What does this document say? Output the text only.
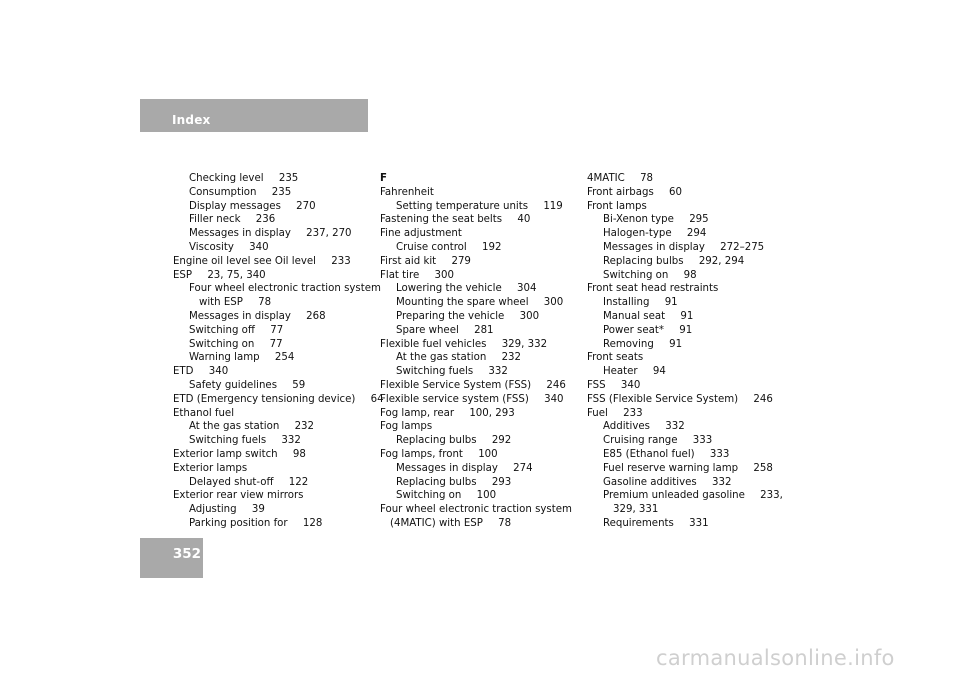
Index
Checking level  235
Consumption  235
Display messages  270
Filler neck  236
Messages in display  237, 270
Viscosity  340
Engine oil level see Oil level  233
ESP  23, 75, 340
Four wheel electronic traction system
with ESP  78
Messages in display  268
Switching off  77
Switching on  77
Warning lamp  254
ETD  340
Safety guidelines  59
ETD (Emergency tensioning device)  64
Ethanol fuel
At the gas station  232
Switching fuels  332
Exterior lamp switch  98
Exterior lamps
Delayed shut-off  122
Exterior rear view mirrors
Adjusting  39
Parking position for  128
F
Fahrenheit
Setting temperature units  119
Fastening the seat belts  40
Fine adjustment
Cruise control  192
First aid kit  279
Flat tire  300
Lowering the vehicle  304
Mounting the spare wheel  300
Preparing the vehicle  300
Spare wheel  281
Flexible fuel vehicles  329, 332
At the gas station  232
Switching fuels  332
Flexible Service System (FSS)  246
Flexible service system (FSS)  340
Fog lamp, rear  100, 293
Fog lamps
Replacing bulbs  292
Fog lamps, front  100
Messages in display  274
Replacing bulbs  293
Switching on  100
Four wheel electronic traction system
(4MATIC) with ESP  78
4MATIC  78
Front airbags  60
Front lamps
Bi-Xenon type  295
Halogen-type  294
Messages in display  272–275
Replacing bulbs  292, 294
Switching on  98
Front seat head restraints
Installing  91
Manual seat  91
Power seat*  91
Removing  91
Front seats
Heater  94
FSS  340
FSS (Flexible Service System)  246
Fuel  233
Additives  332
Cruising range  333
E85 (Ethanol fuel)  333
Fuel reserve warning lamp  258
Gasoline additives  332
Premium unleaded gasoline  233,
329, 331
Requirements  331
352
carmanualsonline.info
